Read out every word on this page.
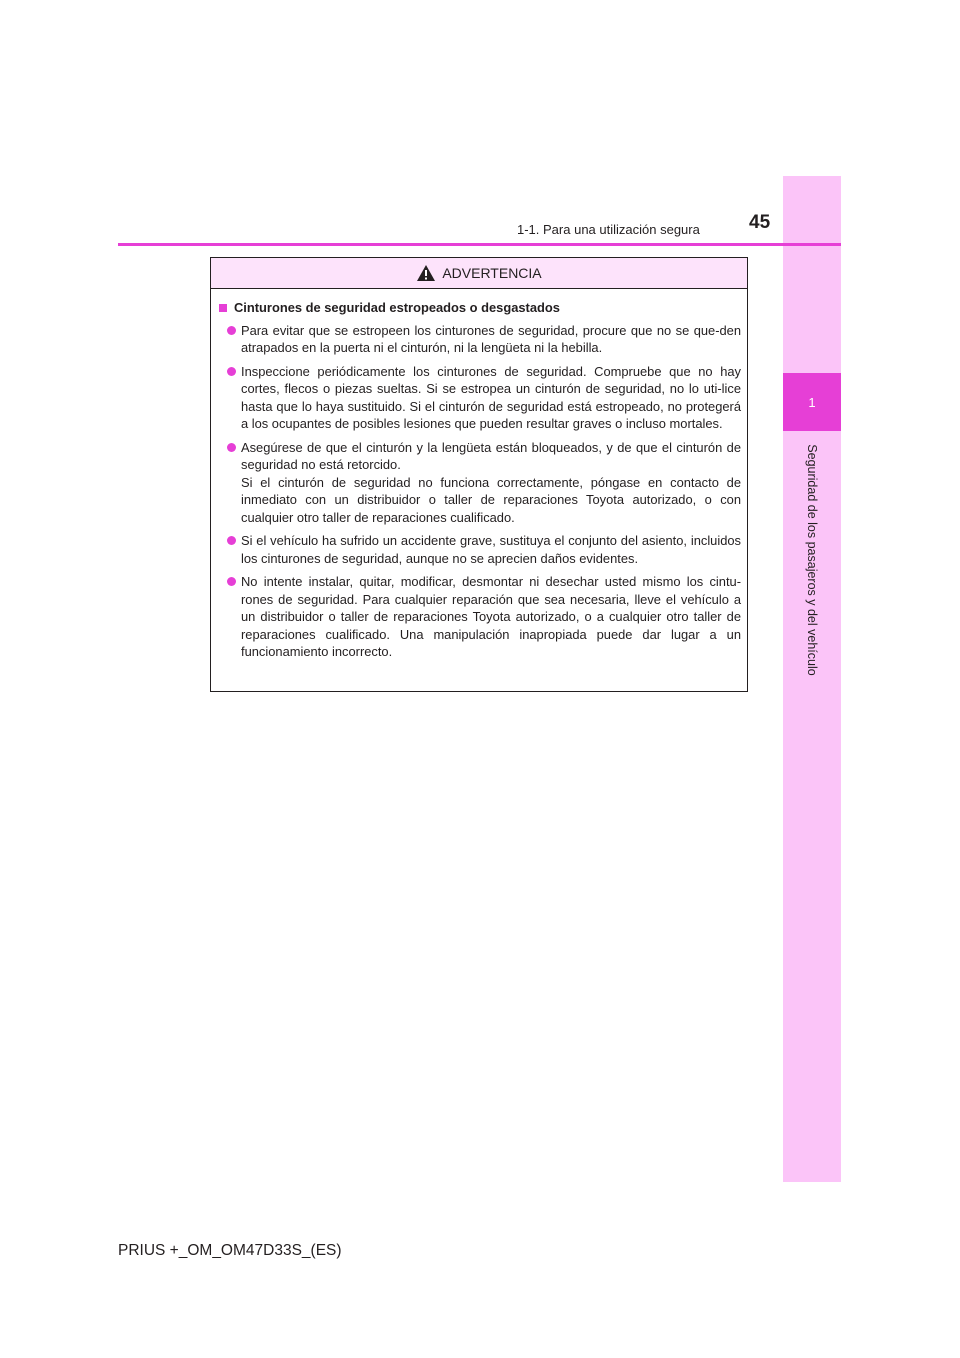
1
Seguridad de los pasajeros y del vehículo
1-1. Para una utilización segura	45
ADVERTENCIA
Cinturones de seguridad estropeados o desgastados

Para evitar que se estropeen los cinturones de seguridad, procure que no se que-den atrapados en la puerta ni el cinturón, ni la lengüeta ni la hebilla.

Inspeccione periódicamente los cinturones de seguridad. Compruebe que no hay cortes, flecos o piezas sueltas. Si se estropea un cinturón de seguridad, no lo uti-lice hasta que lo haya sustituido. Si el cinturón de seguridad está estropeado, no protegerá a los ocupantes de posibles lesiones que pueden resultar graves o incluso mortales.

Asegúrese de que el cinturón y la lengüeta están bloqueados, y de que el cinturón de seguridad no está retorcido.

Si el cinturón de seguridad no funciona correctamente, póngase en contacto de inmediato con un distribuidor o taller de reparaciones Toyota autorizado, o con cualquier otro taller de reparaciones cualificado.

Si el vehículo ha sufrido un accidente grave, sustituya el conjunto del asiento, incluidos los cinturones de seguridad, aunque no se aprecien daños evidentes.

No intente instalar, quitar, modificar, desmontar ni desechar usted mismo los cintu-rones de seguridad. Para cualquier reparación que sea necesaria, lleve el vehículo a un distribuidor o taller de reparaciones Toyota autorizado, o a cualquier otro taller de reparaciones cualificado. Una manipulación inapropiada puede dar lugar a un funcionamiento incorrecto.

PRIUS +_OM_OM47D33S_(ES)
